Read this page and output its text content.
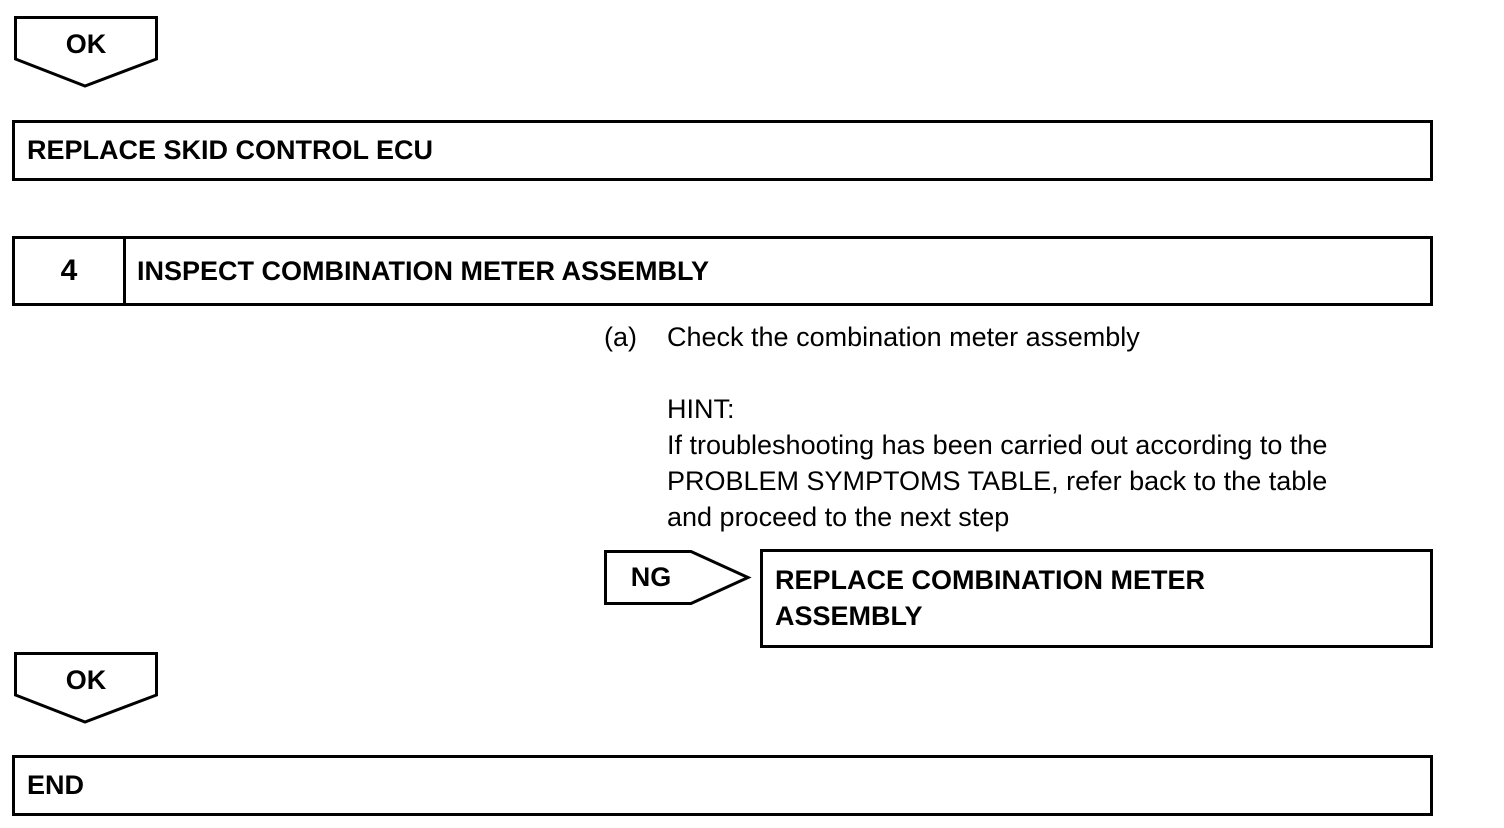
OK
REPLACE SKID CONTROL ECU
4	INSPECT COMBINATION METER ASSEMBLY
(a) Check the combination meter assembly
HINT:
If troubleshooting has been carried out according to the
PROBLEM SYMPTOMS TABLE, refer back to the table
and proceed to the next step
NG	REPLACE COMBINATION METER
ASSEMBLY
OK
END
